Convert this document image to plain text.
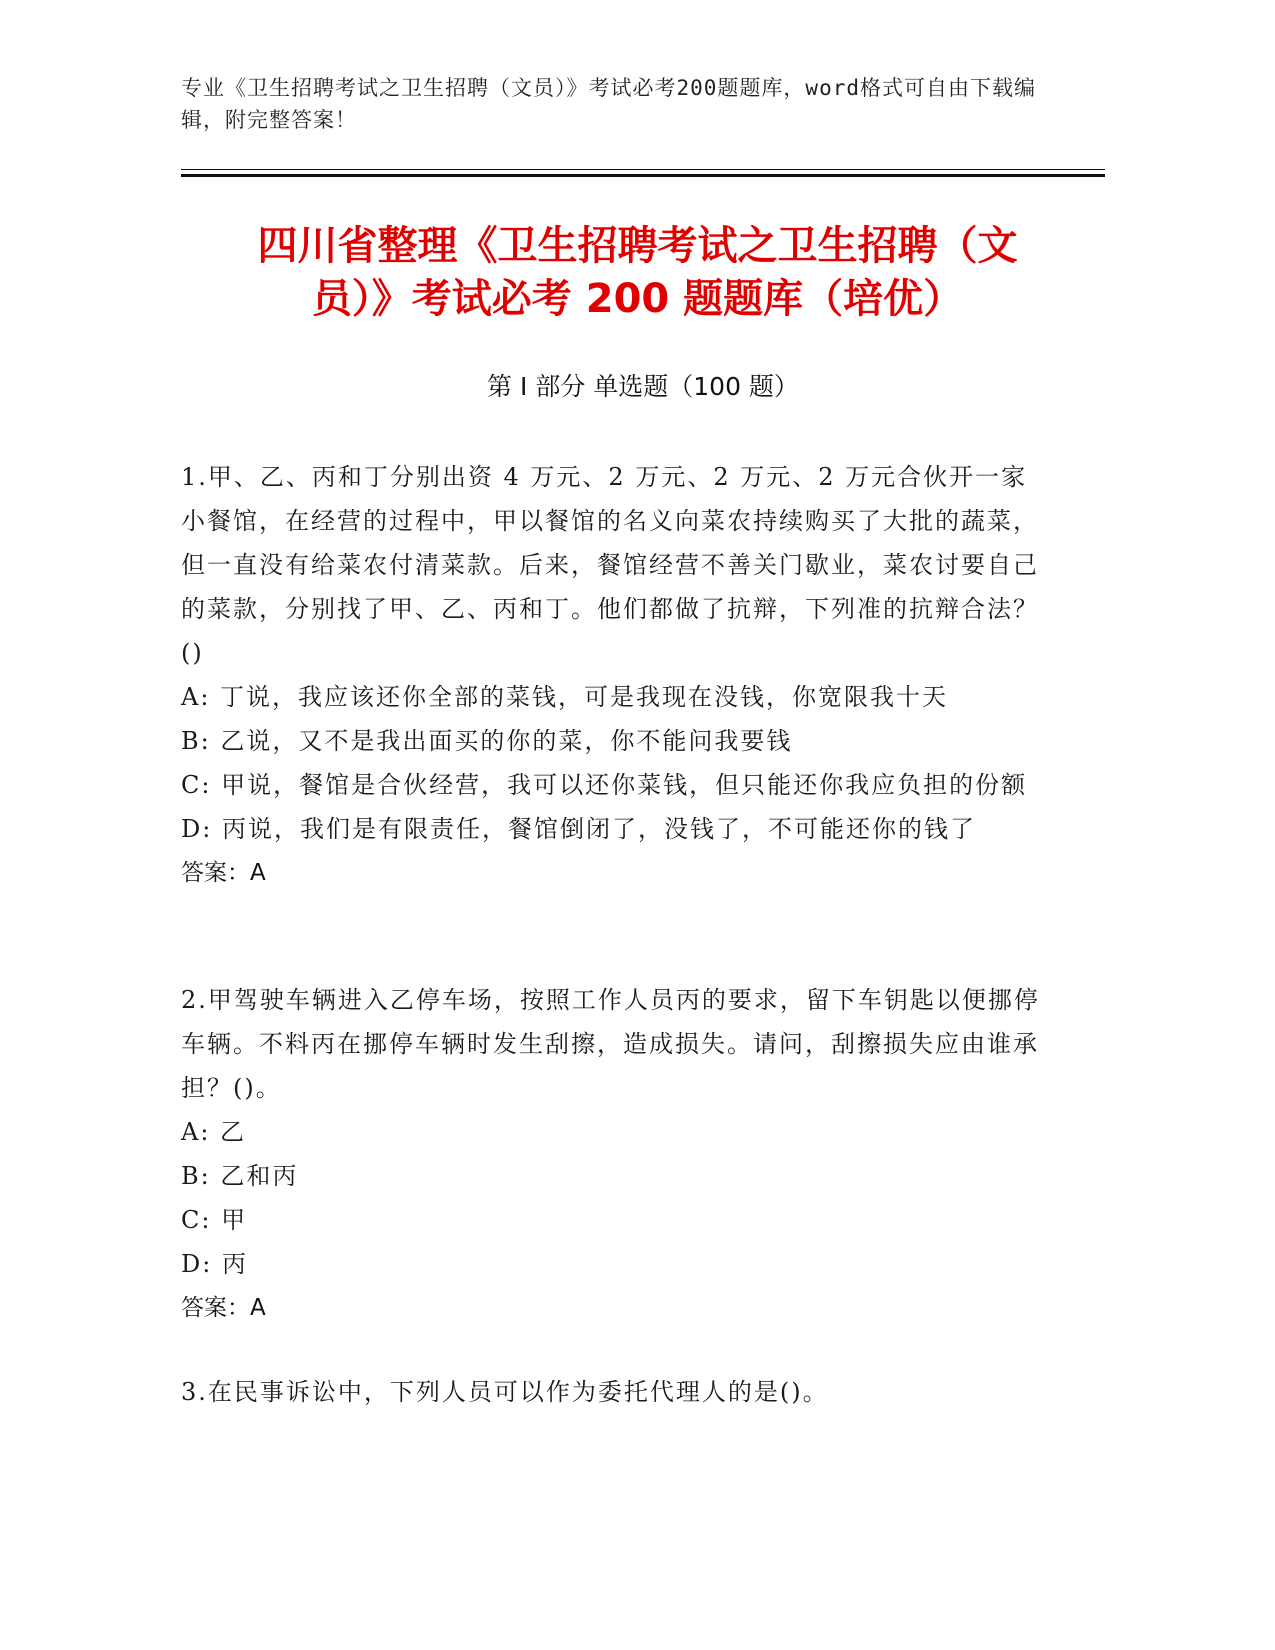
专业《卫生招聘考试之卫生招聘（文员）》考试必考200题题库，word格式可自由下载编辑，附完整答案！
四川省整理《卫生招聘考试之卫生招聘（文
员）》考试必考 200 题题库（培优）
第 I 部分 单选题（100 题）

1.甲、乙、丙和丁分别出资 4 万元、2 万元、2 万元、2 万元合伙开一家小餐馆，在经营的过程中，甲以餐馆的名义向菜农持续购买了大批的蔬菜，但一直没有给菜农付清菜款。后来，餐馆经营不善关门歇业，菜农讨要自己的菜款，分别找了甲、乙、丙和丁。他们都做了抗辩，下列准的抗辩合法？()

A: 丁说，我应该还你全部的菜钱，可是我现在没钱，你宽限我十天

B: 乙说，又不是我出面买的你的菜，你不能问我要钱

C: 甲说，餐馆是合伙经营，我可以还你菜钱，但只能还你我应负担的份额

D: 丙说，我们是有限责任，餐馆倒闭了，没钱了，不可能还你的钱了

答案：A

2.甲驾驶车辆进入乙停车场，按照工作人员丙的要求，留下车钥匙以便挪停车辆。不料丙在挪停车辆时发生刮擦，造成损失。请问，刮擦损失应由谁承担？()。

A: 乙

B: 乙和丙

C: 甲

D: 丙

答案：A

3.在民事诉讼中，下列人员可以作为委托代理人的是()。
